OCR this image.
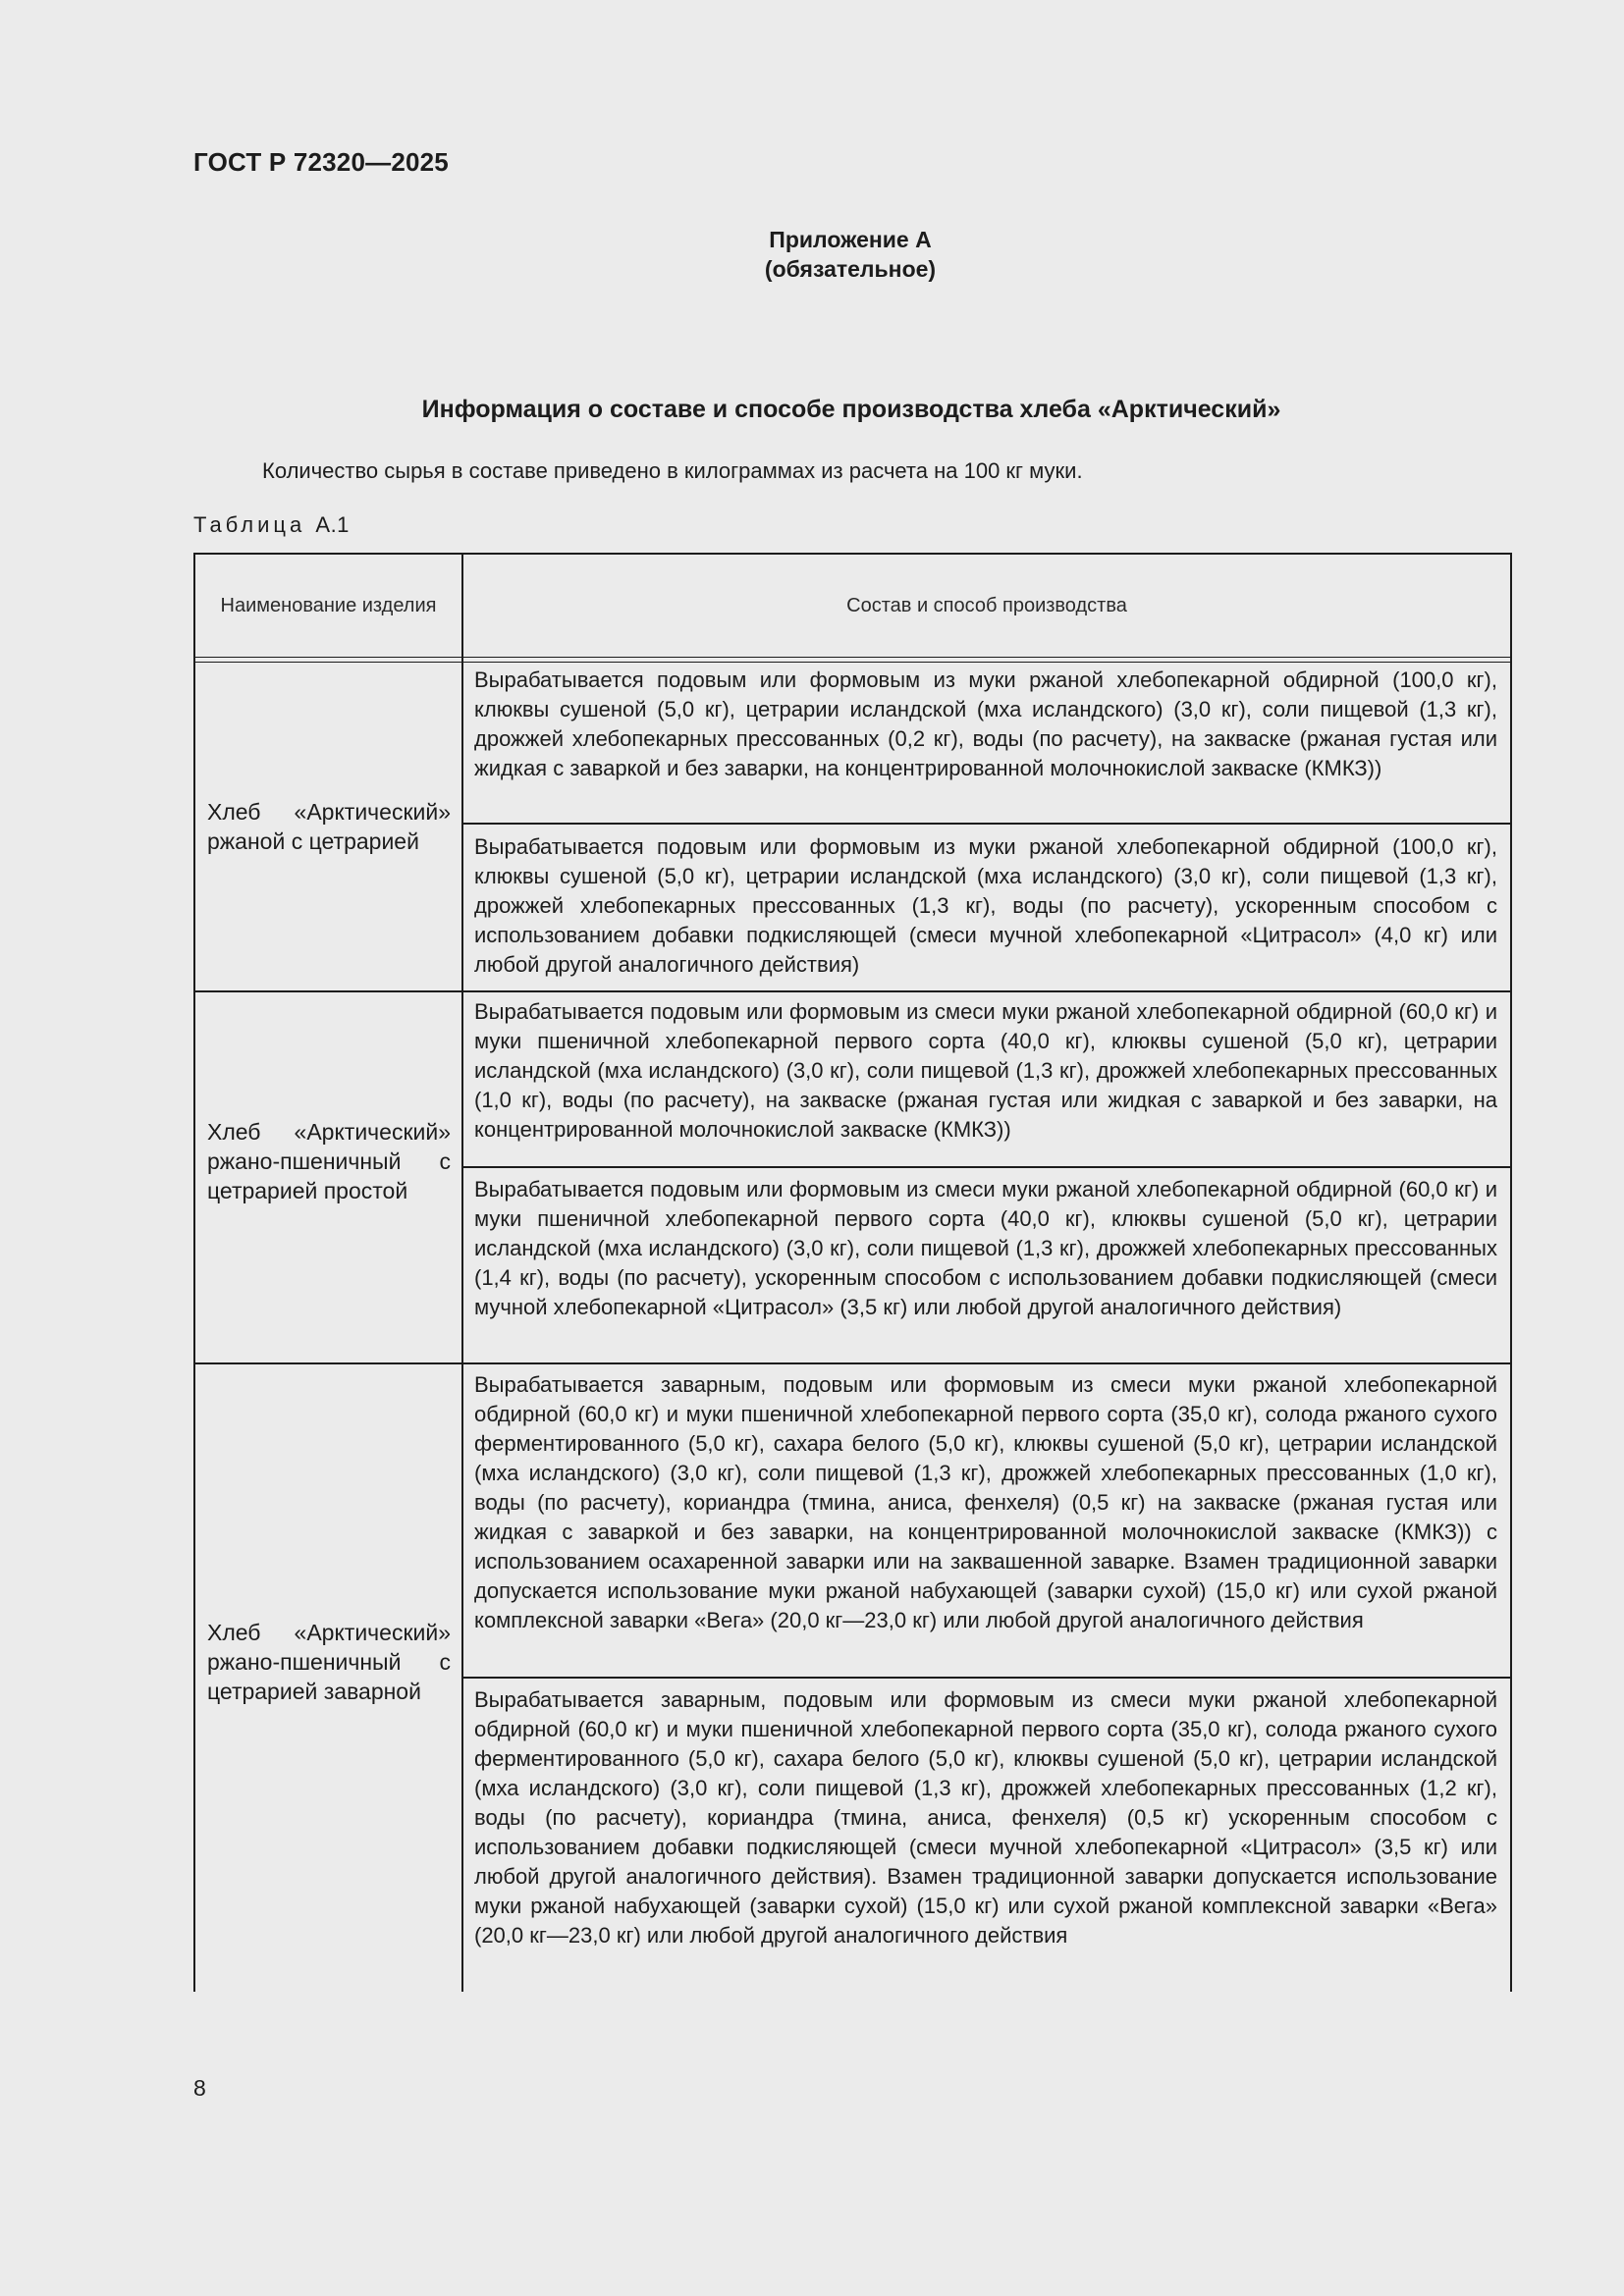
ГОСТ Р 72320—2025
Приложение А
(обязательное)
Информация о составе и способе производства хлеба «Арктический»
Количество сырья в составе приведено в килограммах из расчета на 100 кг муки.
Таблица А.1
Наименование изделия	Состав и способ производства
Хлеб «Арктический» ржаной с цетрарией
Вырабатывается подовым или формовым из муки ржаной хлебопекарной обдирной (100,0 кг), клюквы сушеной (5,0 кг), цетрарии исландской (мха исландского) (3,0 кг), соли пищевой (1,3 кг), дрожжей хлебопекарных прессованных (0,2 кг), воды (по расчету), на закваске (ржаная густая или жидкая с заваркой и без заварки, на концентрированной молочнокислой закваске (КМКЗ))
Вырабатывается подовым или формовым из муки ржаной хлебопекарной обдирной (100,0 кг), клюквы сушеной (5,0 кг), цетрарии исландской (мха исландского) (3,0 кг), соли пищевой (1,3 кг), дрожжей хлебопекарных прессованных (1,3 кг), воды (по расчету), ускоренным способом с использованием добавки подкисляющей (смеси мучной хлебопекарной «Цитрасол» (4,0 кг) или любой другой аналогичного действия)
Хлеб «Арктический» ржано-пшеничный с цетрарией простой
Вырабатывается подовым или формовым из смеси муки ржаной хлебопекарной обдирной (60,0 кг) и муки пшеничной хлебопекарной первого сорта (40,0 кг), клюквы сушеной (5,0 кг), цетрарии исландской (мха исландского) (3,0 кг), соли пищевой (1,3 кг), дрожжей хлебопекарных прессованных (1,0 кг), воды (по расчету), на закваске (ржаная густая или жидкая с заваркой и без заварки, на концентрированной молочнокислой закваске (КМКЗ))
Вырабатывается подовым или формовым из смеси муки ржаной хлебопекарной обдирной (60,0 кг) и муки пшеничной хлебопекарной первого сорта (40,0 кг), клюквы сушеной (5,0 кг), цетрарии исландской (мха исландского) (3,0 кг), соли пищевой (1,3 кг), дрожжей хлебопекарных прессованных (1,4 кг), воды (по расчету), ускоренным способом с использованием добавки подкисляющей (смеси мучной хлебопекарной «Цитрасол» (3,5 кг) или любой другой аналогичного действия)
Хлеб «Арктический» ржано-пшеничный с цетрарией заварной
Вырабатывается заварным, подовым или формовым из смеси муки ржаной хлебопекарной обдирной (60,0 кг) и муки пшеничной хлебопекарной первого сорта (35,0 кг), солода ржаного сухого ферментированного (5,0 кг), сахара белого (5,0 кг), клюквы сушеной (5,0 кг), цетрарии исландской (мха исландского) (3,0 кг), соли пищевой (1,3 кг), дрожжей хлебопекарных прессованных (1,0 кг), воды (по расчету), кориандра (тмина, аниса, фенхеля) (0,5 кг) на закваске (ржаная густая или жидкая с заваркой и без заварки, на концентрированной молочнокислой закваске (КМКЗ)) с использованием осахаренной заварки или на заквашенной заварке. Взамен традиционной заварки допускается использование муки ржаной набухающей (заварки сухой) (15,0 кг) или сухой ржаной комплексной заварки «Вега» (20,0 кг—23,0 кг) или любой другой аналогичного действия
Вырабатывается заварным, подовым или формовым из смеси муки ржаной хлебопекарной обдирной (60,0 кг) и муки пшеничной хлебопекарной первого сорта (35,0 кг), солода ржаного сухого ферментированного (5,0 кг), сахара белого (5,0 кг), клюквы сушеной (5,0 кг), цетрарии исландской (мха исландского) (3,0 кг), соли пищевой (1,3 кг), дрожжей хлебопекарных прессованных (1,2 кг), воды (по расчету), кориандра (тмина, аниса, фенхеля) (0,5 кг) ускоренным способом с использованием добавки подкисляющей (смеси мучной хлебопекарной «Цитрасол» (3,5 кг) или любой другой аналогичного действия). Взамен традиционной заварки допускается использование муки ржаной набухающей (заварки сухой) (15,0 кг) или сухой ржаной комплексной заварки «Вега» (20,0 кг—23,0 кг) или любой другой аналогичного действия
8
